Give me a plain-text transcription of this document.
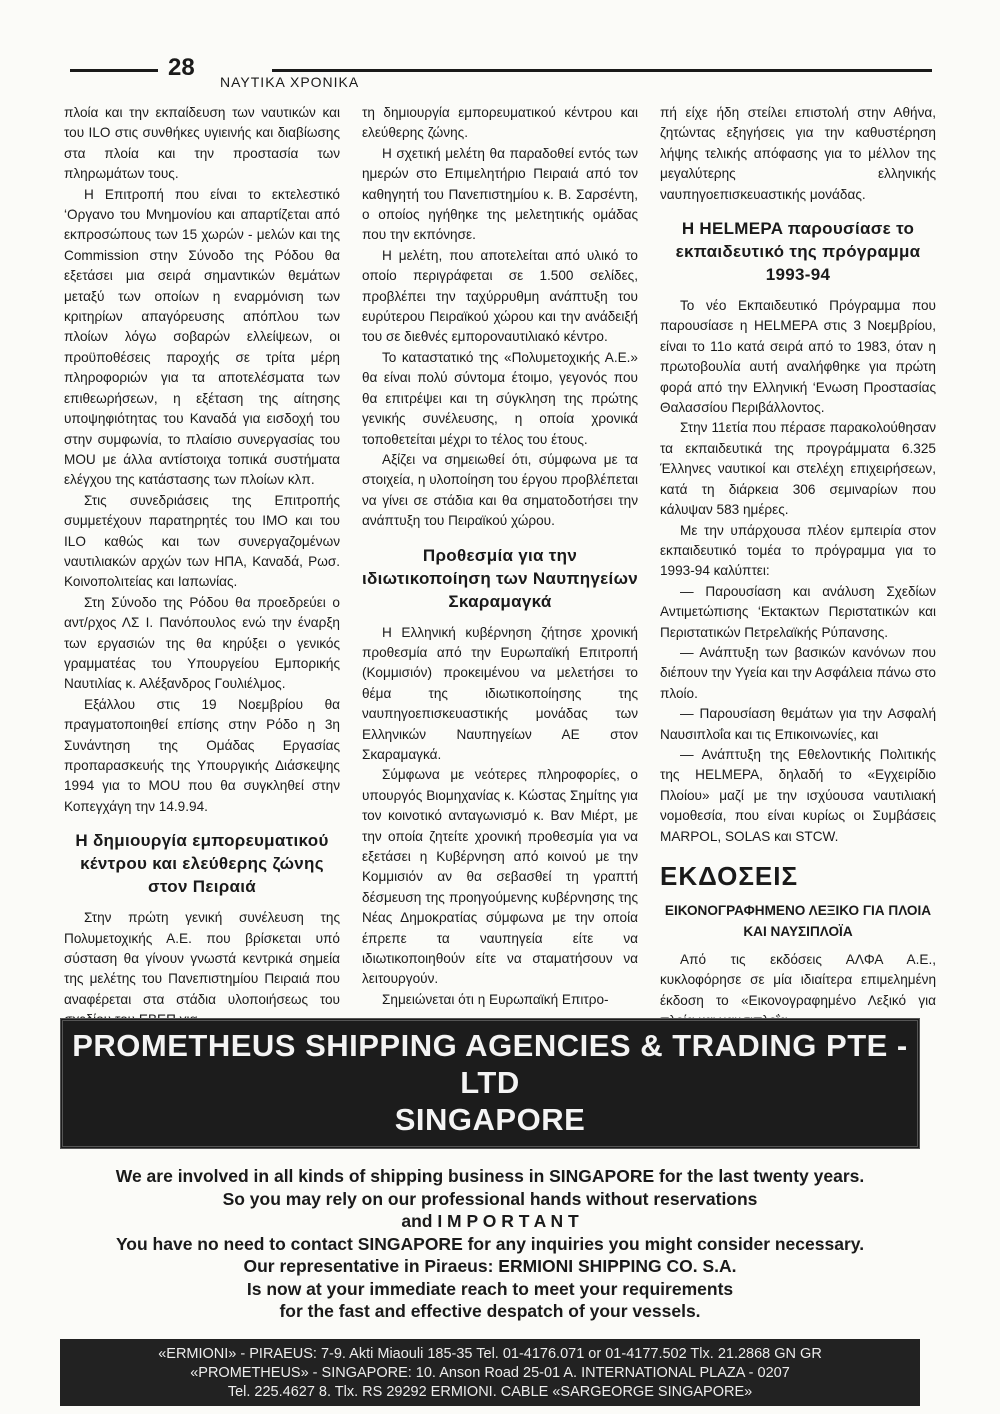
28
ΝΑΥΤΙΚΑ ΧΡΟΝΙΚΑ

πλοία και την εκπαίδευση των ναυτικών και του ILO στις συνθήκες υγιεινής και διαβίωσης στα πλοία και την προστασία των πληρωμάτων τους.

Η Επιτροπή που είναι το εκτελεστικό ‘Οργανο του Μνημονίου και απαρτίζεται από εκπροσώπους των 15 χωρών - μελών και της Commission στην Σύνοδο της Ρόδου θα εξετάσει μια σειρά σημαντικών θεμάτων μεταξύ των οποίων η εναρμόνιση των κριτηρίων απαγόρευσης απόπλου των πλοίων λόγω σοβαρών ελλείψεων, οι προϋποθέσεις παροχής σε τρίτα μέρη πληροφοριών για τα αποτελέσματα των επιθεωρήσεων, η εξέταση της αίτησης υποψηφιότητας του Καναδά για εισδοχή του στην συμφωνία, το πλαίσιο συνεργασίας του MOU με άλλα αντίστοιχα τοπικά συστήματα ελέγχου της κατάστασης των πλοίων κλπ.

Στις συνεδριάσεις της Επιτροπής συμμετέχουν παρατηρητές του ΙΜΟ και του ILO καθώς και των συνεργαζομένων ναυτιλιακών αρχών των ΗΠΑ, Καναδά, Ρωσ. Κοινοπολιτείας και Ιαπωνίας.

Στη Σύνοδο της Ρόδου θα προεδρεύει ο αντ/ρχος ΛΣ Ι. Πανόπουλος ενώ την έναρξη των εργασιών της θα κηρύξει ο γενικός γραμματέας του Υπουργείου Εμπορικής Ναυτιλίας κ. Αλέξανδρος Γουλιέλμος.

Εξάλλου στις 19 Νοεμβρίου θα πραγματοποιηθεί επίσης στην Ρόδο η 3η Συνάντηση της Ομάδας Εργασίας προπαρασκευής της Υπουργικής Διάσκεψης 1994 για το MOU που θα συγκληθεί στην Κοπεγχάγη την 14.9.94.

Η δημιουργία εμπορευματικού κέντρου και ελεύθερης ζώνης στον Πειραιά

Στην πρώτη γενική συνέλευση της Πολυμετοχικής Α.Ε. που βρίσκεται υπό σύσταση θα γίνουν γνωστά κεντρικά σημεία της μελέτης του Πανεπιστημίου Πειραιά που αναφέρεται στα στάδια υλοποιήσεως του

τη δημιουργία εμπορευματικού κέντρου και ελεύθερης ζώνης.

Η σχετική μελέτη θα παραδοθεί εντός των ημερών στο Επιμελητήριο Πειραιά από τον καθηγητή του Πανεπιστημίου κ. Β. Σαρσέντη, ο οποίος ηγήθηκε της μελετητικής ομάδας που την εκπόνησε.

Η μελέτη, που αποτελείται από υλικό το οποίο περιγράφεται σε 1.500 σελίδες, προβλέπει την ταχύρρυθμη ανάπτυξη του ευρύτερου Πειραϊκού χώρου και την ανάδειξή του σε διεθνές εμποροναυτιλιακό κέντρο.

Το καταστατικό της «Πολυμετοχικής Α.Ε.» θα είναι πολύ σύντομα έτοιμο, γεγονός που θα επιτρέψει και τη σύγκληση της πρώτης γενικής συνέλευσης, η οποία χρονικά τοποθετείται μέχρι το τέλος του έτους.

Αξίζει να σημειωθεί ότι, σύμφωνα με τα στοιχεία, η υλοποίηση του έργου προβλέπεται να γίνει σε στάδια και θα σηματοδοτήσει την ανάπτυξη του Πειραϊκού χώρου.

Προθεσμία για την ιδιωτικοποίηση των Ναυπηγείων Σκαραμαγκά

Η Ελληνική κυβέρνηση ζήτησε χρονική προθεσμία από την Ευρωπαϊκή Επιτροπή (Κομμισιόν) προκειμένου να μελετήσει το θέμα της ιδιωτικοποίησης της ναυπηγοεπισκευαστικής μονάδας των Ελληνικών Ναυπηγείων ΑΕ στον Σκαραμαγκά.

Σύμφωνα με νεότερες πληροφορίες, ο υπουργός Βιομηχανίας κ. Κώστας Σημίτης για τον κοινοτικό ανταγωνισμό κ. Βαν Μιέρτ, με την οποία ζητείτε χρονική προθεσμία για να εξετάσει η Κυβέρνηση από κοινού με την Κομμισιόν αν θα σεβασθεί τη γραπτή δέσμευση της προηγούμενης κυβέρνησης της Νέας Δημοκρατίας σύμφωνα με την οποία έπρεπε τα ναυπηγεία είτε να ιδιωτικοποιηθούν είτε να σταματήσουν να λειτουργούν.

Σημειώνεται ότι η Ευρωπαϊκή Επιτρο-

πή είχε ήδη στείλει επιστολή στην Αθήνα, ζητώντας εξηγήσεις για την καθυστέρηση λήψης τελικής απόφασης για το μέλλον της μεγαλύτερης ελληνικής ναυπηγοεπισκευαστικής μονάδας.

Η HELMEPA παρουσίασε το εκπαιδευτικό της πρόγραμμα 1993-94

Το νέο Εκπαιδευτικό Πρόγραμμα που παρουσίασε η HELMEPA στις 3 Νοεμβρίου, είναι το 11ο κατά σειρά από το 1983, όταν η πρωτοβουλία αυτή αναλήφθηκε για πρώτη φορά από την Ελληνική ‘Ενωση Προστασίας Θαλασσίου Περιβάλλοντος.

Στην 11ετία που πέρασε παρακολούθησαν τα εκπαιδευτικά της προγράμματα 6.325 Έλληνες ναυτικοί και στελέχη επιχειρήσεων, κατά τη διάρκεια 306 σεμιναρίων που κάλυψαν 583 ημέρες.

Με την υπάρχουσα πλέον εμπειρία στον εκπαιδευτικό τομέα το πρόγραμμα για το 1993-94 καλύπτει:

— Παρουσίαση και ανάλυση Σχεδίων Αντιμετώπισης ‘Εκτακτων Περιστατικών και Περιστατικών Πετρελαϊκής Ρύπανσης.

— Ανάπτυξη των βασικών κανόνων που διέπουν την Υγεία και την Ασφάλεια πάνω στο πλοίο.

— Παρουσίαση θεμάτων για την Ασφαλή Ναυσιπλοΐα και τις Επικοινωνίες, και

— Ανάπτυξη της Εθελοντικής Πολιτικής της HELMEPA, δηλαδή το «Εγχειρίδιο Πλοίου» μαζί με την ισχύουσα ναυτιλιακή νομοθεσία, που είναι κυρίως οι Συμβάσεις MARPOL, SOLAS και STCW.

ΕΚΔΟΣΕΙΣ
ΕΙΚΟΝΟΓΡΑΦΗΜΕΝΟ ΛΕΞΙΚΟ ΓΙΑ ΠΛΟΙΑ ΚΑΙ ΝΑΥΣΙΠΛΟΪΑ

Από τις εκδόσεις ΑΛΦΑ Α.Ε., κυκλοφόρησε σε μία ιδιαίτερα επιμελημένη έκδοση το «Εικονογραφημένο Λεξικό για

PROMETHEUS SHIPPING AGENCIES & TRADING PTE - LTD
SINGAPORE
We are involved in all kinds of shipping business in SINGAPORE for the last twenty years.
So you may rely on our professional hands without reservations
and I M P O R T A N T
You have no need to contact SINGAPORE for any inquiries you might consider necessary.
Our representative in Piraeus: ERMIONI SHIPPING CO. S.A.
Is now at your immediate reach to meet your requirements
for the fast and effective despatch of your vessels.
«ERMIONI» - PIRAEUS: 7-9. Akti Miaouli 185-35 Tel. 01-4176.071 or 01-4177.502 Tlx. 21.2868 GN GR
«PROMETHEUS» - SINGAPORE: 10. Anson Road 25-01 A. INTERNATIONAL PLAZA - 0207
Tel. 225.4627 8. Tlx. RS 29292 ERMIONI. CABLE «SARGEORGE SINGAPORE»
